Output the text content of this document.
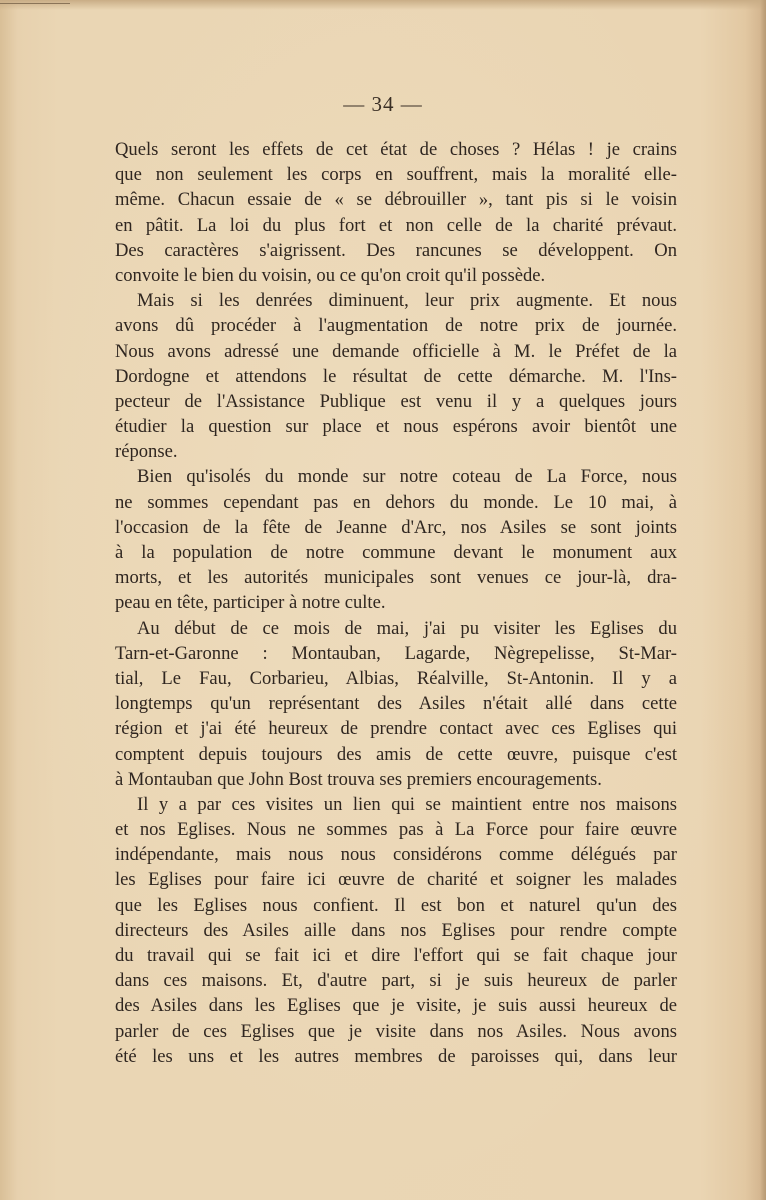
— 34 —
Quels seront les effets de cet état de choses ? Hélas ! je crains
que non seulement les corps en souffrent, mais la moralité elle-
même. Chacun essaie de « se débrouiller », tant pis si le voisin
en pâtit. La loi du plus fort et non celle de la charité prévaut.
Des caractères s'aigrissent. Des rancunes se développent. On
convoite le bien du voisin, ou ce qu'on croit qu'il possède.
Mais si les denrées diminuent, leur prix augmente. Et nous
avons dû procéder à l'augmentation de notre prix de journée.
Nous avons adressé une demande officielle à M. le Préfet de la
Dordogne et attendons le résultat de cette démarche. M. l'Ins-
pecteur de l'Assistance Publique est venu il y a quelques jours
étudier la question sur place et nous espérons avoir bientôt une
réponse.
Bien qu'isolés du monde sur notre coteau de La Force, nous
ne sommes cependant pas en dehors du monde. Le 10 mai, à
l'occasion de la fête de Jeanne d'Arc, nos Asiles se sont joints
à la population de notre commune devant le monument aux
morts, et les autorités municipales sont venues ce jour-là, dra-
peau en tête, participer à notre culte.
Au début de ce mois de mai, j'ai pu visiter les Eglises du
Tarn-et-Garonne : Montauban, Lagarde, Nègrepelisse, St-Mar-
tial, Le Fau, Corbarieu, Albias, Réalville, St-Antonin. Il y a
longtemps qu'un représentant des Asiles n'était allé dans cette
région et j'ai été heureux de prendre contact avec ces Eglises qui
comptent depuis toujours des amis de cette œuvre, puisque c'est
à Montauban que John Bost trouva ses premiers encouragements.
Il y a par ces visites un lien qui se maintient entre nos maisons
et nos Eglises. Nous ne sommes pas à La Force pour faire œuvre
indépendante, mais nous nous considérons comme délégués par
les Eglises pour faire ici œuvre de charité et soigner les malades
que les Eglises nous confient. Il est bon et naturel qu'un des
directeurs des Asiles aille dans nos Eglises pour rendre compte
du travail qui se fait ici et dire l'effort qui se fait chaque jour
dans ces maisons. Et, d'autre part, si je suis heureux de parler
des Asiles dans les Eglises que je visite, je suis aussi heureux de
parler de ces Eglises que je visite dans nos Asiles. Nous avons
été les uns et les autres membres de paroisses qui, dans leur
